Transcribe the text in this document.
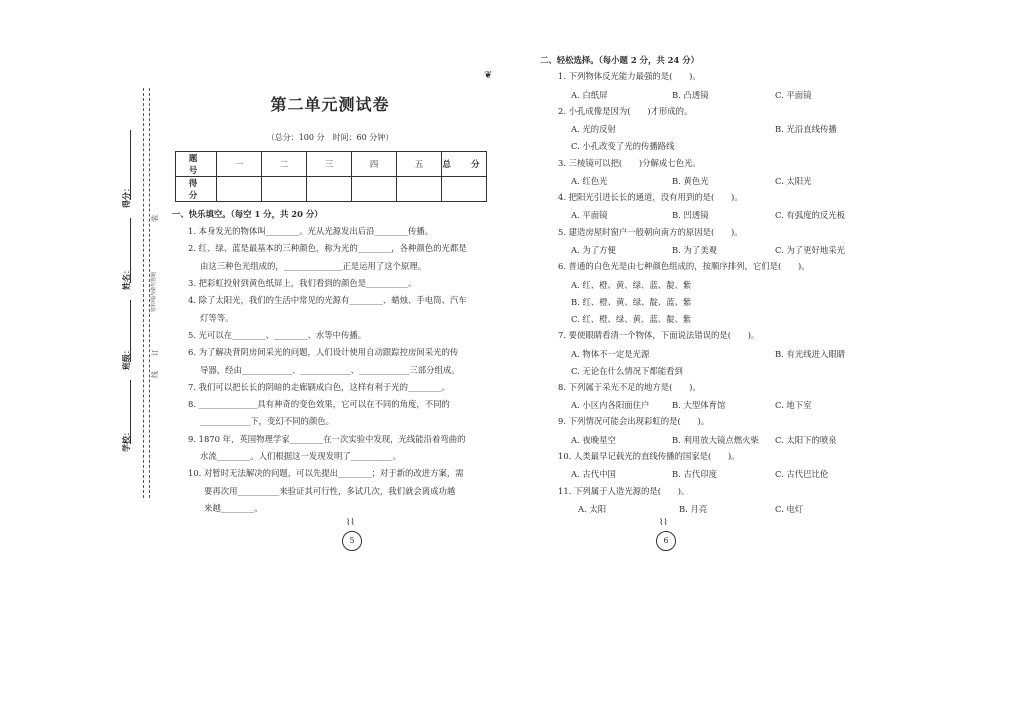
得分：
姓名：
班级：
学校：
装
密封线内请勿答题
订
线
❦
第二单元测试卷
（总分：100 分　时间：60 分钟）
题　号	一	二	三	四	五	总　分
得　分						
一、快乐填空。（每空 1 分，共 20 分）
1. 本身发光的物体叫________。光从光源发出后沿________传播。
2. 红、绿、蓝是最基本的三种颜色，称为光的________，各种颜色的光都是
由这三种色光组成的，______________正是运用了这个原理。
3. 把彩虹投射到黄色纸屏上，我们看到的颜色是__________。
4. 除了太阳光，我们的生活中常见的光源有________、蜡烛、手电筒、汽车
灯等等。
5. 光可以在________、________、水等中传播。
6. 为了解决背阴房间采光的问题，人们设计使用自动跟踪控房间采光的传
导器，经由____________、____________、____________三部分组成。
7. 我们可以把长长的阴暗的走廊刷成白色，这样有利于光的________。
8. ______________具有神奇的变色效果，它可以在不同的角度，不同的
____________下，变幻不同的颜色。
9. 1870 年，英国物理学家________在一次实验中发现，光线能沿着弯曲的
水流________。人们根据这一发现发明了__________。
10. 对暂时无法解决的问题，可以先提出________；对于新的改进方案，需
要再次用__________来验证其可行性，多试几次，我们就会离成功越
来越________。
⌇⌇
5
二、轻松选择。（每小题 2 分，共 24 分）
1. 下列物体反光能力最强的是(　　)。
A. 白纸屏	B. 凸透镜	C. 平面镜
2. 小孔成像是因为(　　)才形成的。
A. 光的反射	B. 光沿直线传播
C. 小孔改变了光的传播路线
3. 三棱镜可以把(　　)分解成七色光。
A. 红色光	B. 黄色光	C. 太阳光
4. 把阳光引进长长的通道，没有用到的是(　　)。
A. 平面镜	B. 凹透镜	C. 有弧度的反光板
5. 建造房屋时窗户一般朝向南方的原因是(　　)。
A. 为了方便	B. 为了美观	C. 为了更好地采光
6. 普通的白色光是由七种颜色组成的，按顺序排列，它们是(　　)。
A. 红、橙、黄、绿、蓝、靛、紫
B. 红、橙、黄、绿、靛、蓝、紫
C. 红、橙、绿、黄、蓝、靛、紫
7. 要使眼睛看清一个物体，下面说法错误的是(　　)。
A. 物体不一定是光源	B. 有光线进入眼睛
C. 无论在什么情况下都能看到
8. 下列属于采光不足的地方是(　　)。
A. 小区内各阳面住户	B. 大型体育馆	C. 地下室
9. 下列情况可能会出现彩虹的是(　　)。
A. 夜晚星空	B. 利用放大镜点燃火柴 C. 太阳下的喷泉
10. 人类最早记载光的直线传播的国家是(　　)。
A. 古代中国	B. 古代印度	C. 古代巴比伦
11. 下列属于人造光源的是(　　)。
A. 太阳	B. 月亮	C. 电灯
⌇⌇
6
